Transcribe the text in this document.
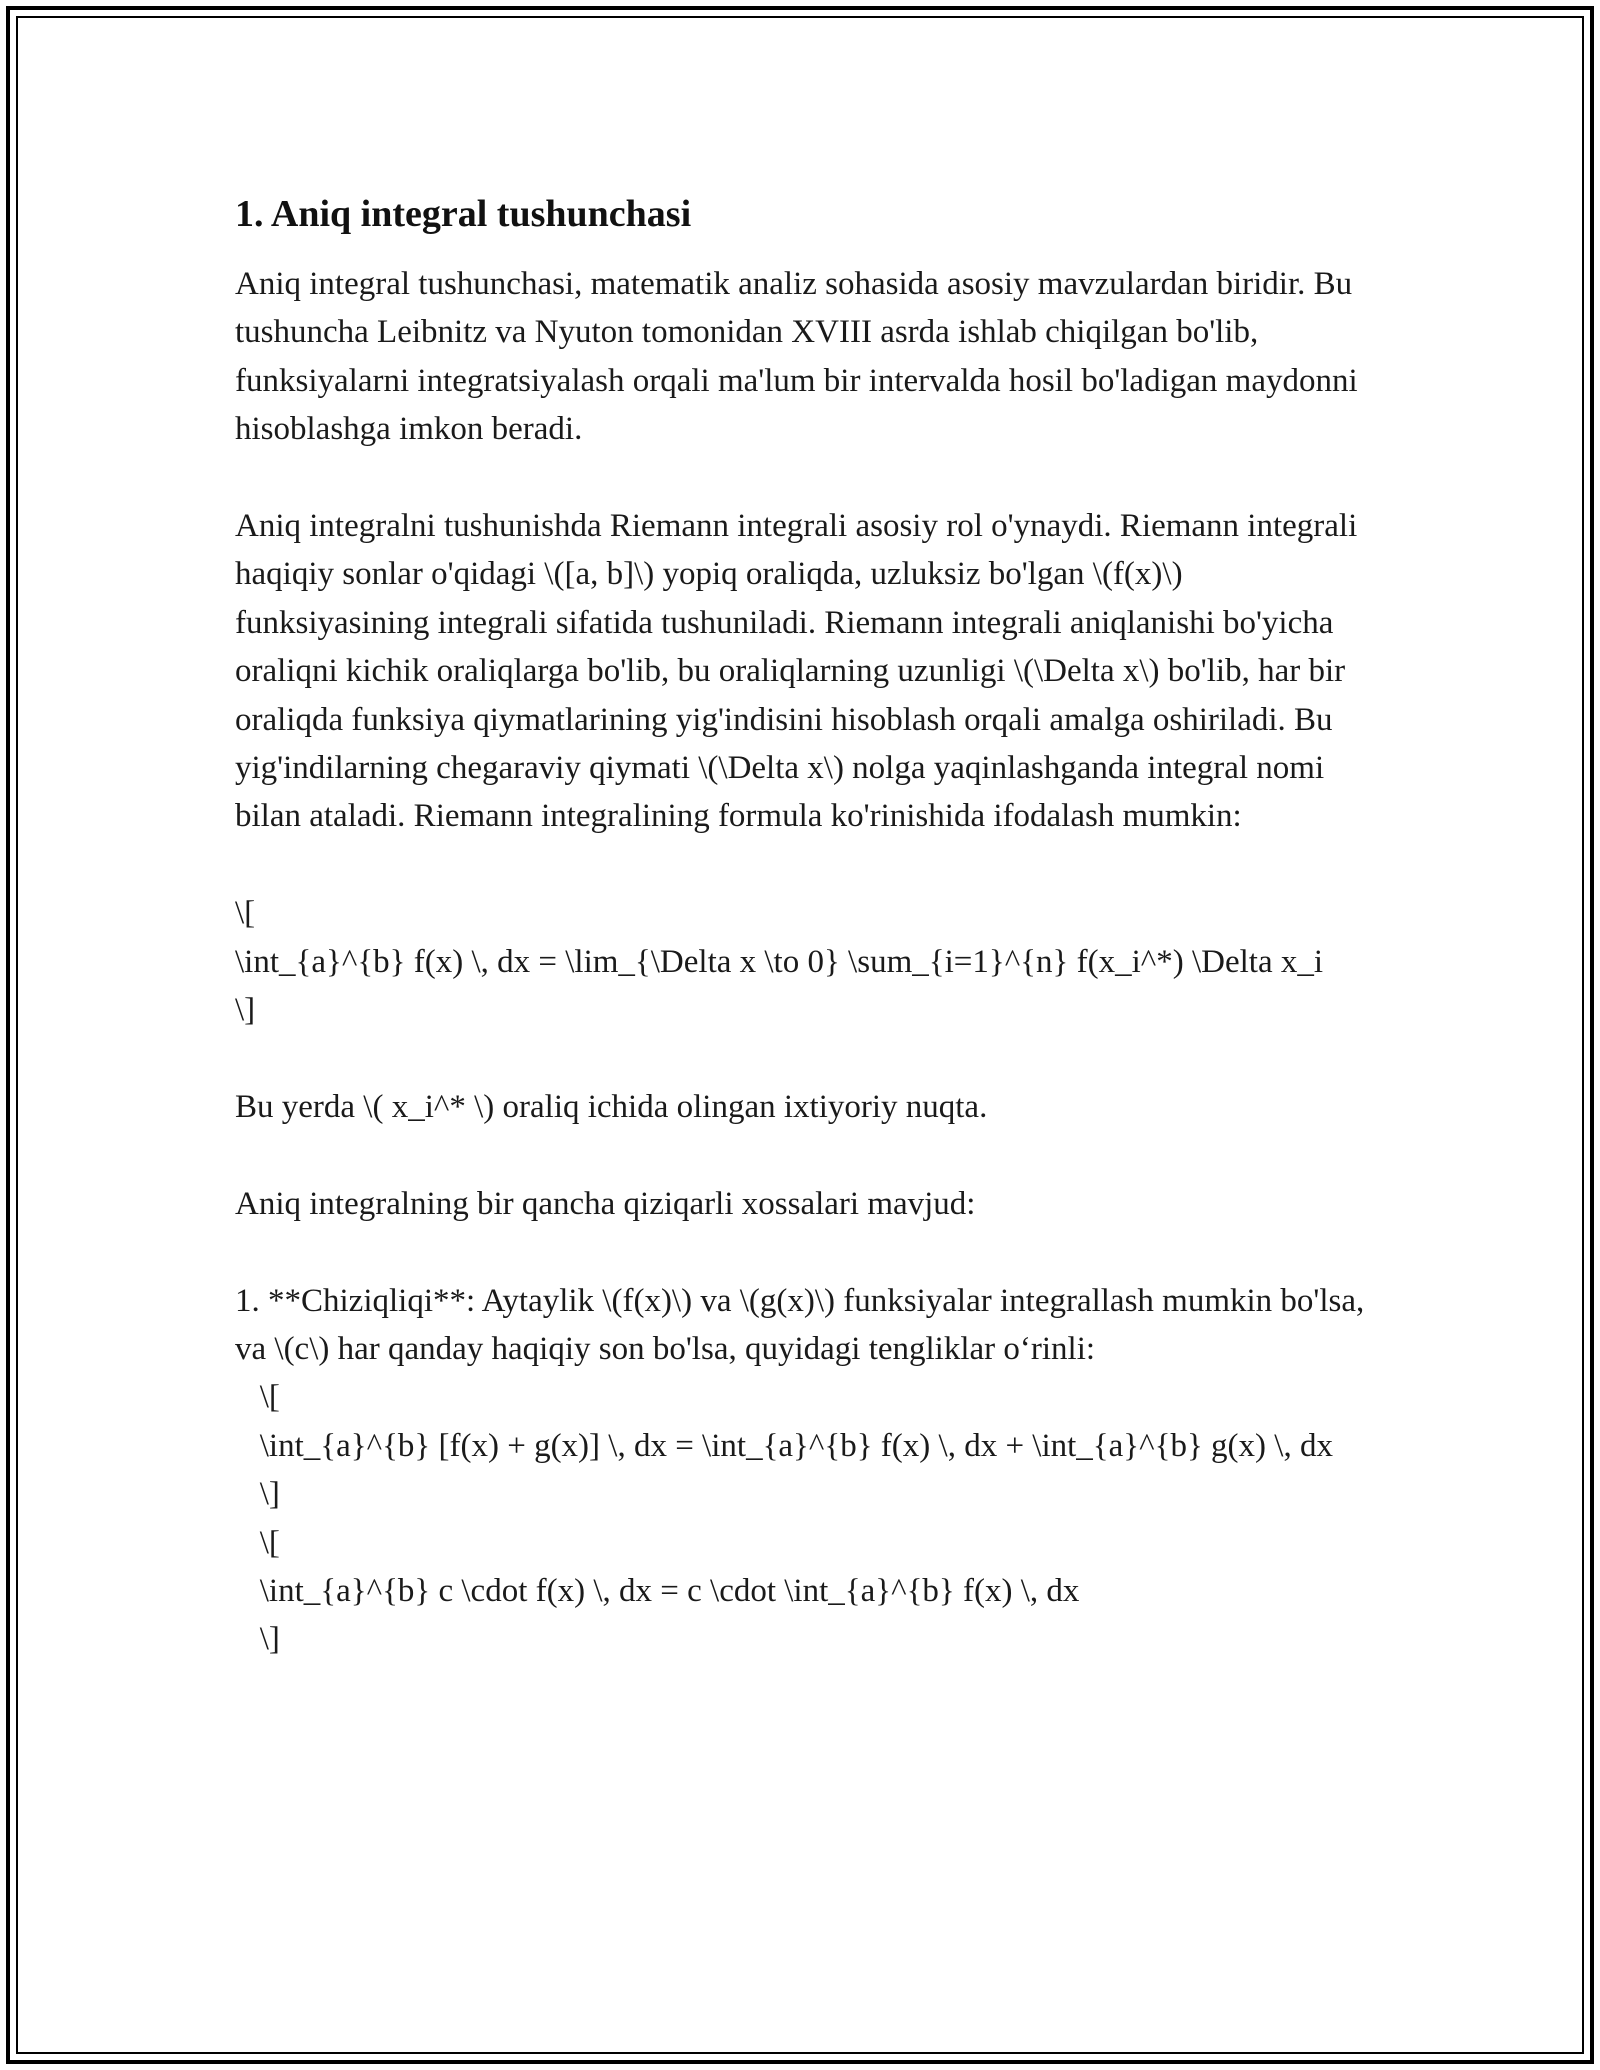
1. Aniq integral tushunchasi
Aniq integral tushunchasi, matematik analiz sohasida asosiy mavzulardan biridir. Bu tushuncha Leibnitz va Nyuton tomonidan XVIII asrda ishlab chiqilgan bo'lib, funksiyalarni integratsiyalash orqali ma'lum bir intervalda hosil bo'ladigan maydonni hisoblashga imkon beradi.

Aniq integralni tushunishda Riemann integrali asosiy rol o'ynaydi. Riemann integrali haqiqiy sonlar o'qidagi \([a, b]\) yopiq oraliqda, uzluksiz bo'lgan \(f(x)\) funksiyasining integrali sifatida tushuniladi. Riemann integrali aniqlanishi bo'yicha oraliqni kichik oraliqlarga bo'lib, bu oraliqlarning uzunligi \(\Delta x\) bo'lib, har bir oraliqda funksiya qiymatlarining yig'indisini hisoblash orqali amalga oshiriladi. Bu yig'indilarning chegaraviy qiymati \(\Delta x\) nolga yaqinlashganda integral nomi bilan ataladi. Riemann integralining formula ko'rinishida ifodalash mumkin:

\[
\int_{a}^{b} f(x) \, dx = \lim_{\Delta x \to 0} \sum_{i=1}^{n} f(x_i^*) \Delta x_i
\]

Bu yerda \( x_i^* \) oraliq ichida olingan ixtiyoriy nuqta.

Aniq integralning bir qancha qiziqarli xossalari mavjud:

1. **Chiziqliqi**: Aytaylik \(f(x)\) va \(g(x)\) funksiyalar integrallash mumkin bo'lsa, va \(c\) har qanday haqiqiy son bo'lsa, quyidagi tengliklar o‘rinli:
\[
\int_{a}^{b} [f(x) + g(x)] \, dx = \int_{a}^{b} f(x) \, dx + \int_{a}^{b} g(x) \, dx
\]
\[
\int_{a}^{b} c \cdot f(x) \, dx = c \cdot \int_{a}^{b} f(x) \, dx
\]
